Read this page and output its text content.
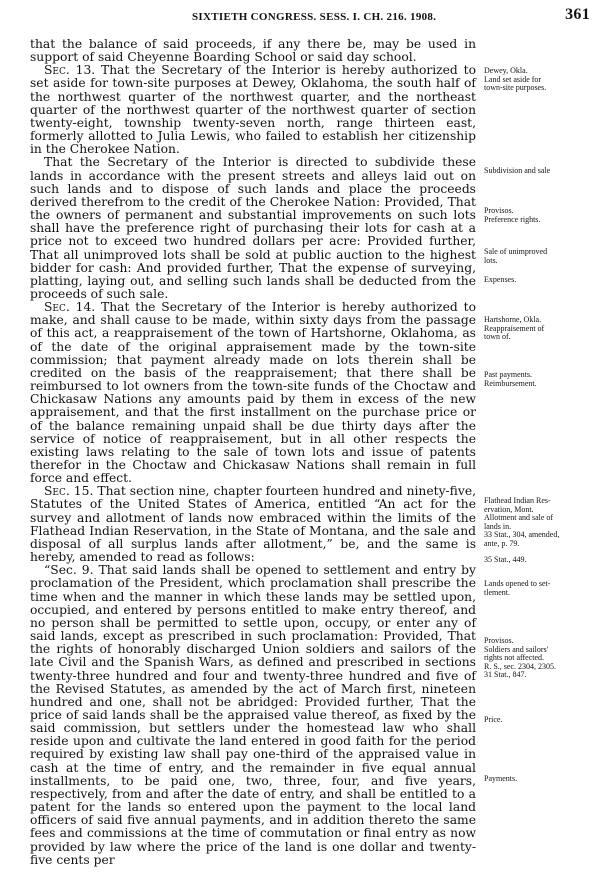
SIXTIETH CONGRESS. SESS. I. CH. 216. 1908.	361

that the balance of said proceeds, if any there be, may be used in support of said Cheyenne Boarding School or said day school.

Sec. 13. That the Secretary of the Interior is hereby authorized to set aside for town-site purposes at Dewey, Oklahoma, the south half of the northwest quarter of the northwest quarter, and the northeast quarter of the northwest quarter of the northwest quarter of section twenty-eight, township twenty-seven north, range thirteen east, formerly allotted to Julia Lewis, who failed to establish her citizenship in the Cherokee Nation.

That the Secretary of the Interior is directed to subdivide these lands in accordance with the present streets and alleys laid out on such lands and to dispose of such lands and place the proceeds derived therefrom to the credit of the Cherokee Nation: Provided, That the owners of permanent and substantial improvements on such lots shall have the preference right of purchasing their lots for cash at a price not to exceed two hundred dollars per acre: Provided further, That all unimproved lots shall be sold at public auction to the highest bidder for cash: And provided further, That the expense of surveying, platting, laying out, and selling such lands shall be deducted from the proceeds of such sale.

Sec. 14. That the Secretary of the Interior is hereby authorized to make, and shall cause to be made, within sixty days from the passage of this act, a reappraisement of the town of Hartshorne, Oklahoma, as of the date of the original appraisement made by the town-site commission; that payment already made on lots therein shall be credited on the basis of the reappraisement; that there shall be reimbursed to lot owners from the town-site funds of the Choctaw and Chickasaw Nations any amounts paid by them in excess of the new appraisement, and that the first installment on the purchase price or of the balance remaining unpaid shall be due thirty days after the service of notice of reappraisement, but in all other respects the existing laws relating to the sale of town lots and issue of patents therefor in the Choctaw and Chickasaw Nations shall remain in full force and effect.

Sec. 15. That section nine, chapter fourteen hundred and ninety-five, Statutes of the United States of America, entitled “An act for the survey and allotment of lands now embraced within the limits of the Flathead Indian Reservation, in the State of Montana, and the sale and disposal of all surplus lands after allotment,” be, and the same is hereby, amended to read as follows:

“Sec. 9. That said lands shall be opened to settlement and entry by proclamation of the President, which proclamation shall prescribe the time when and the manner in which these lands may be settled upon, occupied, and entered by persons entitled to make entry thereof, and no person shall be permitted to settle upon, occupy, or enter any of said lands, except as prescribed in such proclamation: Provided, That the rights of honorably discharged Union soldiers and sailors of the late Civil and the Spanish Wars, as defined and prescribed in sections twenty-three hundred and four and twenty-three hundred and five of the Revised Statutes, as amended by the act of March first, nineteen hundred and one, shall not be abridged: Provided further, That the price of said lands shall be the appraised value thereof, as fixed by the said commission, but settlers under the homestead law who shall reside upon and cultivate the land entered in good faith for the period required by existing law shall pay one-third of the appraised value in cash at the time of entry, and the remainder in five equal annual installments, to be paid one, two, three, four, and five years, respectively, from and after the date of entry, and shall be entitled to a patent for the lands so entered upon the payment to the local land officers of said five annual payments, and in addition thereto the same fees and commissions at the time of commutation or final entry as now provided by law where the price of the land is one dollar and twenty-five cents per

Dewey, Okla.
Land set aside for
town-site purposes.
Subdivision and sale
Provisos.
Preference rights.
Sale of unimproved
lots.
Expenses.
Hartshorne, Okla.
Reappraisement of
town of.
Past payments.
Reimbursement.
Flathead Indian Res-
ervation, Mont.
Allotment and sale of
lands in.
33 Stat., 304, amended,
ante, p. 79.
35 Stat., 449.
Lands opened to set-
tlement.
Provisos.
Soldiers and sailors'
rights not affected.
R. S., sec. 2304, 2305.
31 Stat., 847.
Price.
Payments.
